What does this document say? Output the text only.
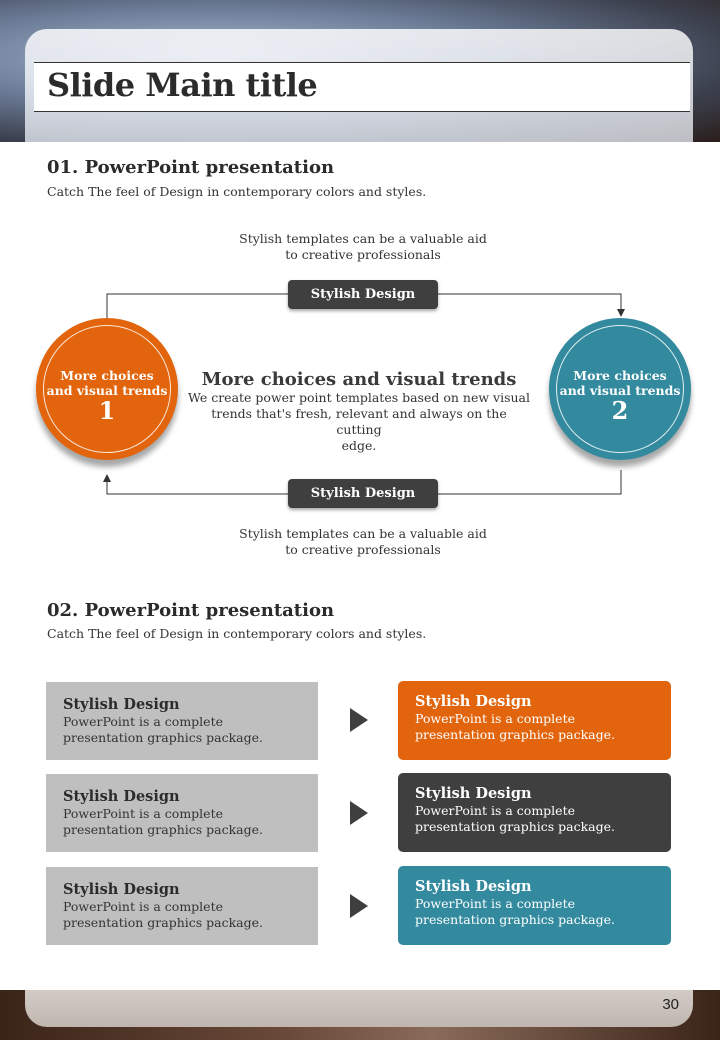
Slide Main title
01. PowerPoint presentation
Catch The feel of Design in contemporary colors and styles.
Stylish templates can be a valuable aid
to creative professionals
Stylish Design
Stylish Design
More choices
and visual trends
1
More choices
and visual trends
2
More choices and visual trends
We create power point templates based on new visual
trends that's fresh, relevant and always on the cutting
edge.
Stylish templates can be a valuable aid
to creative professionals
02. PowerPoint presentation
Catch The feel of Design in contemporary colors and styles.
Stylish Design
PowerPoint is a complete
presentation graphics package.
Stylish Design
PowerPoint is a complete
presentation graphics package.
Stylish Design
PowerPoint is a complete
presentation graphics package.
Stylish Design
PowerPoint is a complete
presentation graphics package.
Stylish Design
PowerPoint is a complete
presentation graphics package.
Stylish Design
PowerPoint is a complete
presentation graphics package.
30
